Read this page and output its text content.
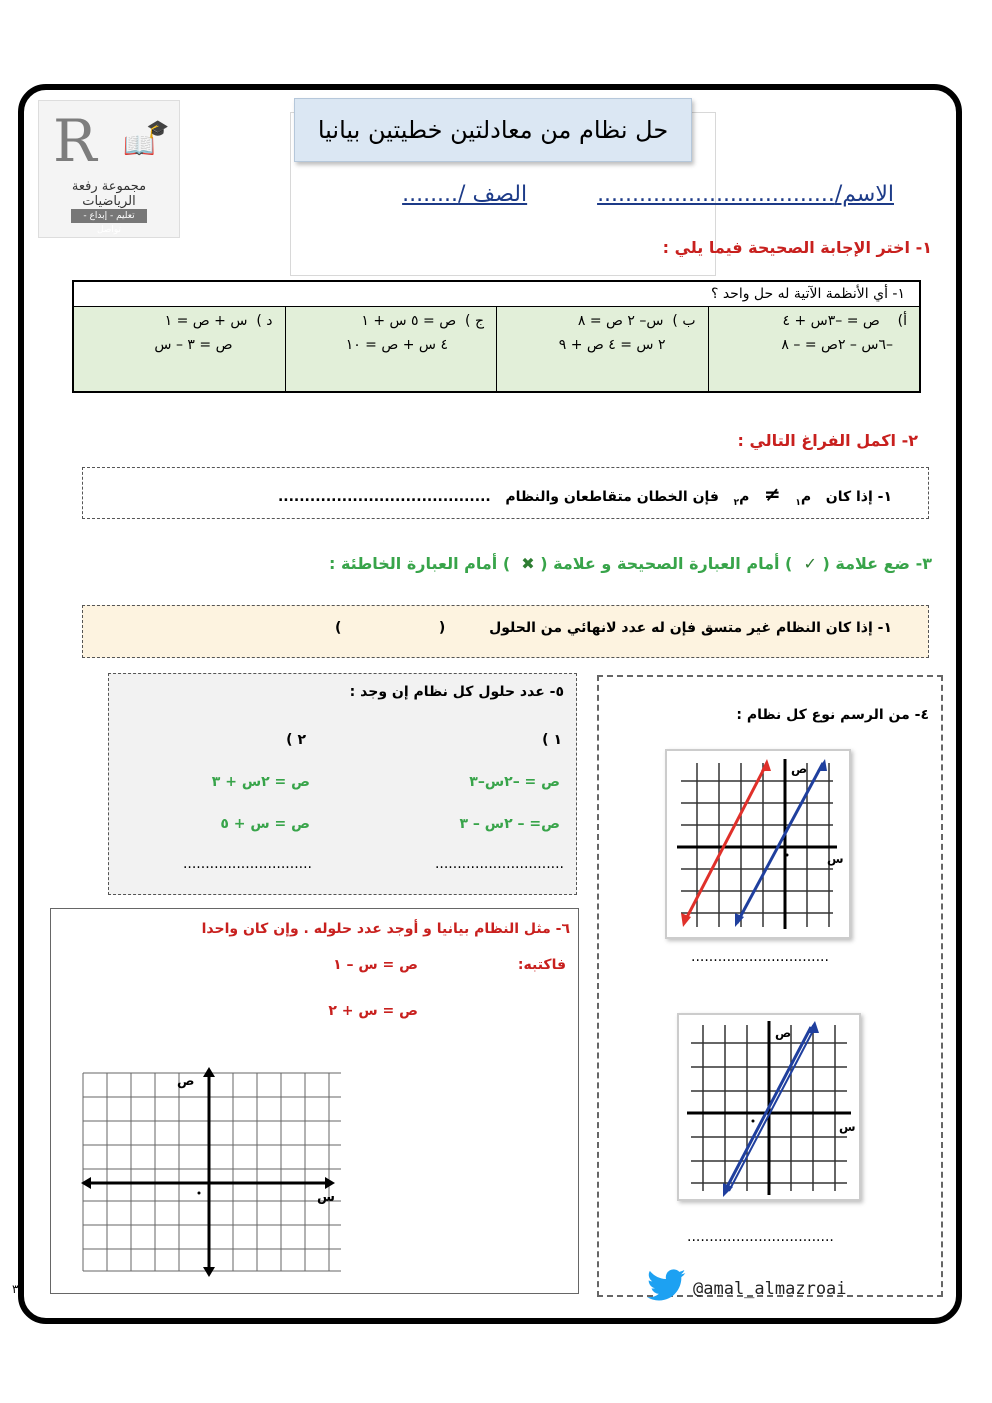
R 📖
🎓
مجموعة رفعة الرياضيات
تعليم - إبداع - تواصل
حل نظام من معادلتين خطيتين بيانيا
الاسم/..................................          الصف /........
١- اختر الإجابة الصحيحة فيما يلي :
١- أي الأنظمة الآتية له حل واحد ؟
أ)    ص = –٣س + ٤
–٦س – ٢ص = – ٨
ب )  س– ٢ ص = ٨
٢ س = ٤ ص + ٩
ج )  ص = ٥ س + ١
٤ س + ص = ١٠
د )  س + ص = ١
ص = ٣ – س
٢- اكمل الفراغ التالي :
١- إذا كان   م$_١$   ≠   م$_٢$   فإن الخطان متقاطعان والنظام   ........................................
٣- ضع علامة ( ✓  ) أمام العبارة الصحيحة و علامة ( ✖  ) أمام العبارة الخاطئة :
١- إذا كان النظام غير متسق فإن له عدد لانهائي من الحلول         (                    )
٥- عدد حلول كل نظام إن وجد :
١ )
٢ )
ص = –٢س–٣
ص= – ٢س – ٣
ص = ٢س + ٣
ص = س + ٥
.............................
.............................
٤- من الرسم نوع كل نظام :
ص
س
...............................
ص
س
.................................
@amal_almazroai
٦- مثل النظام بيانيا و أوجد عدد حلوله . وإن كان واحدا
فاكتبه:
ص = س – ١
ص = س + ٢
ص
س
٣
